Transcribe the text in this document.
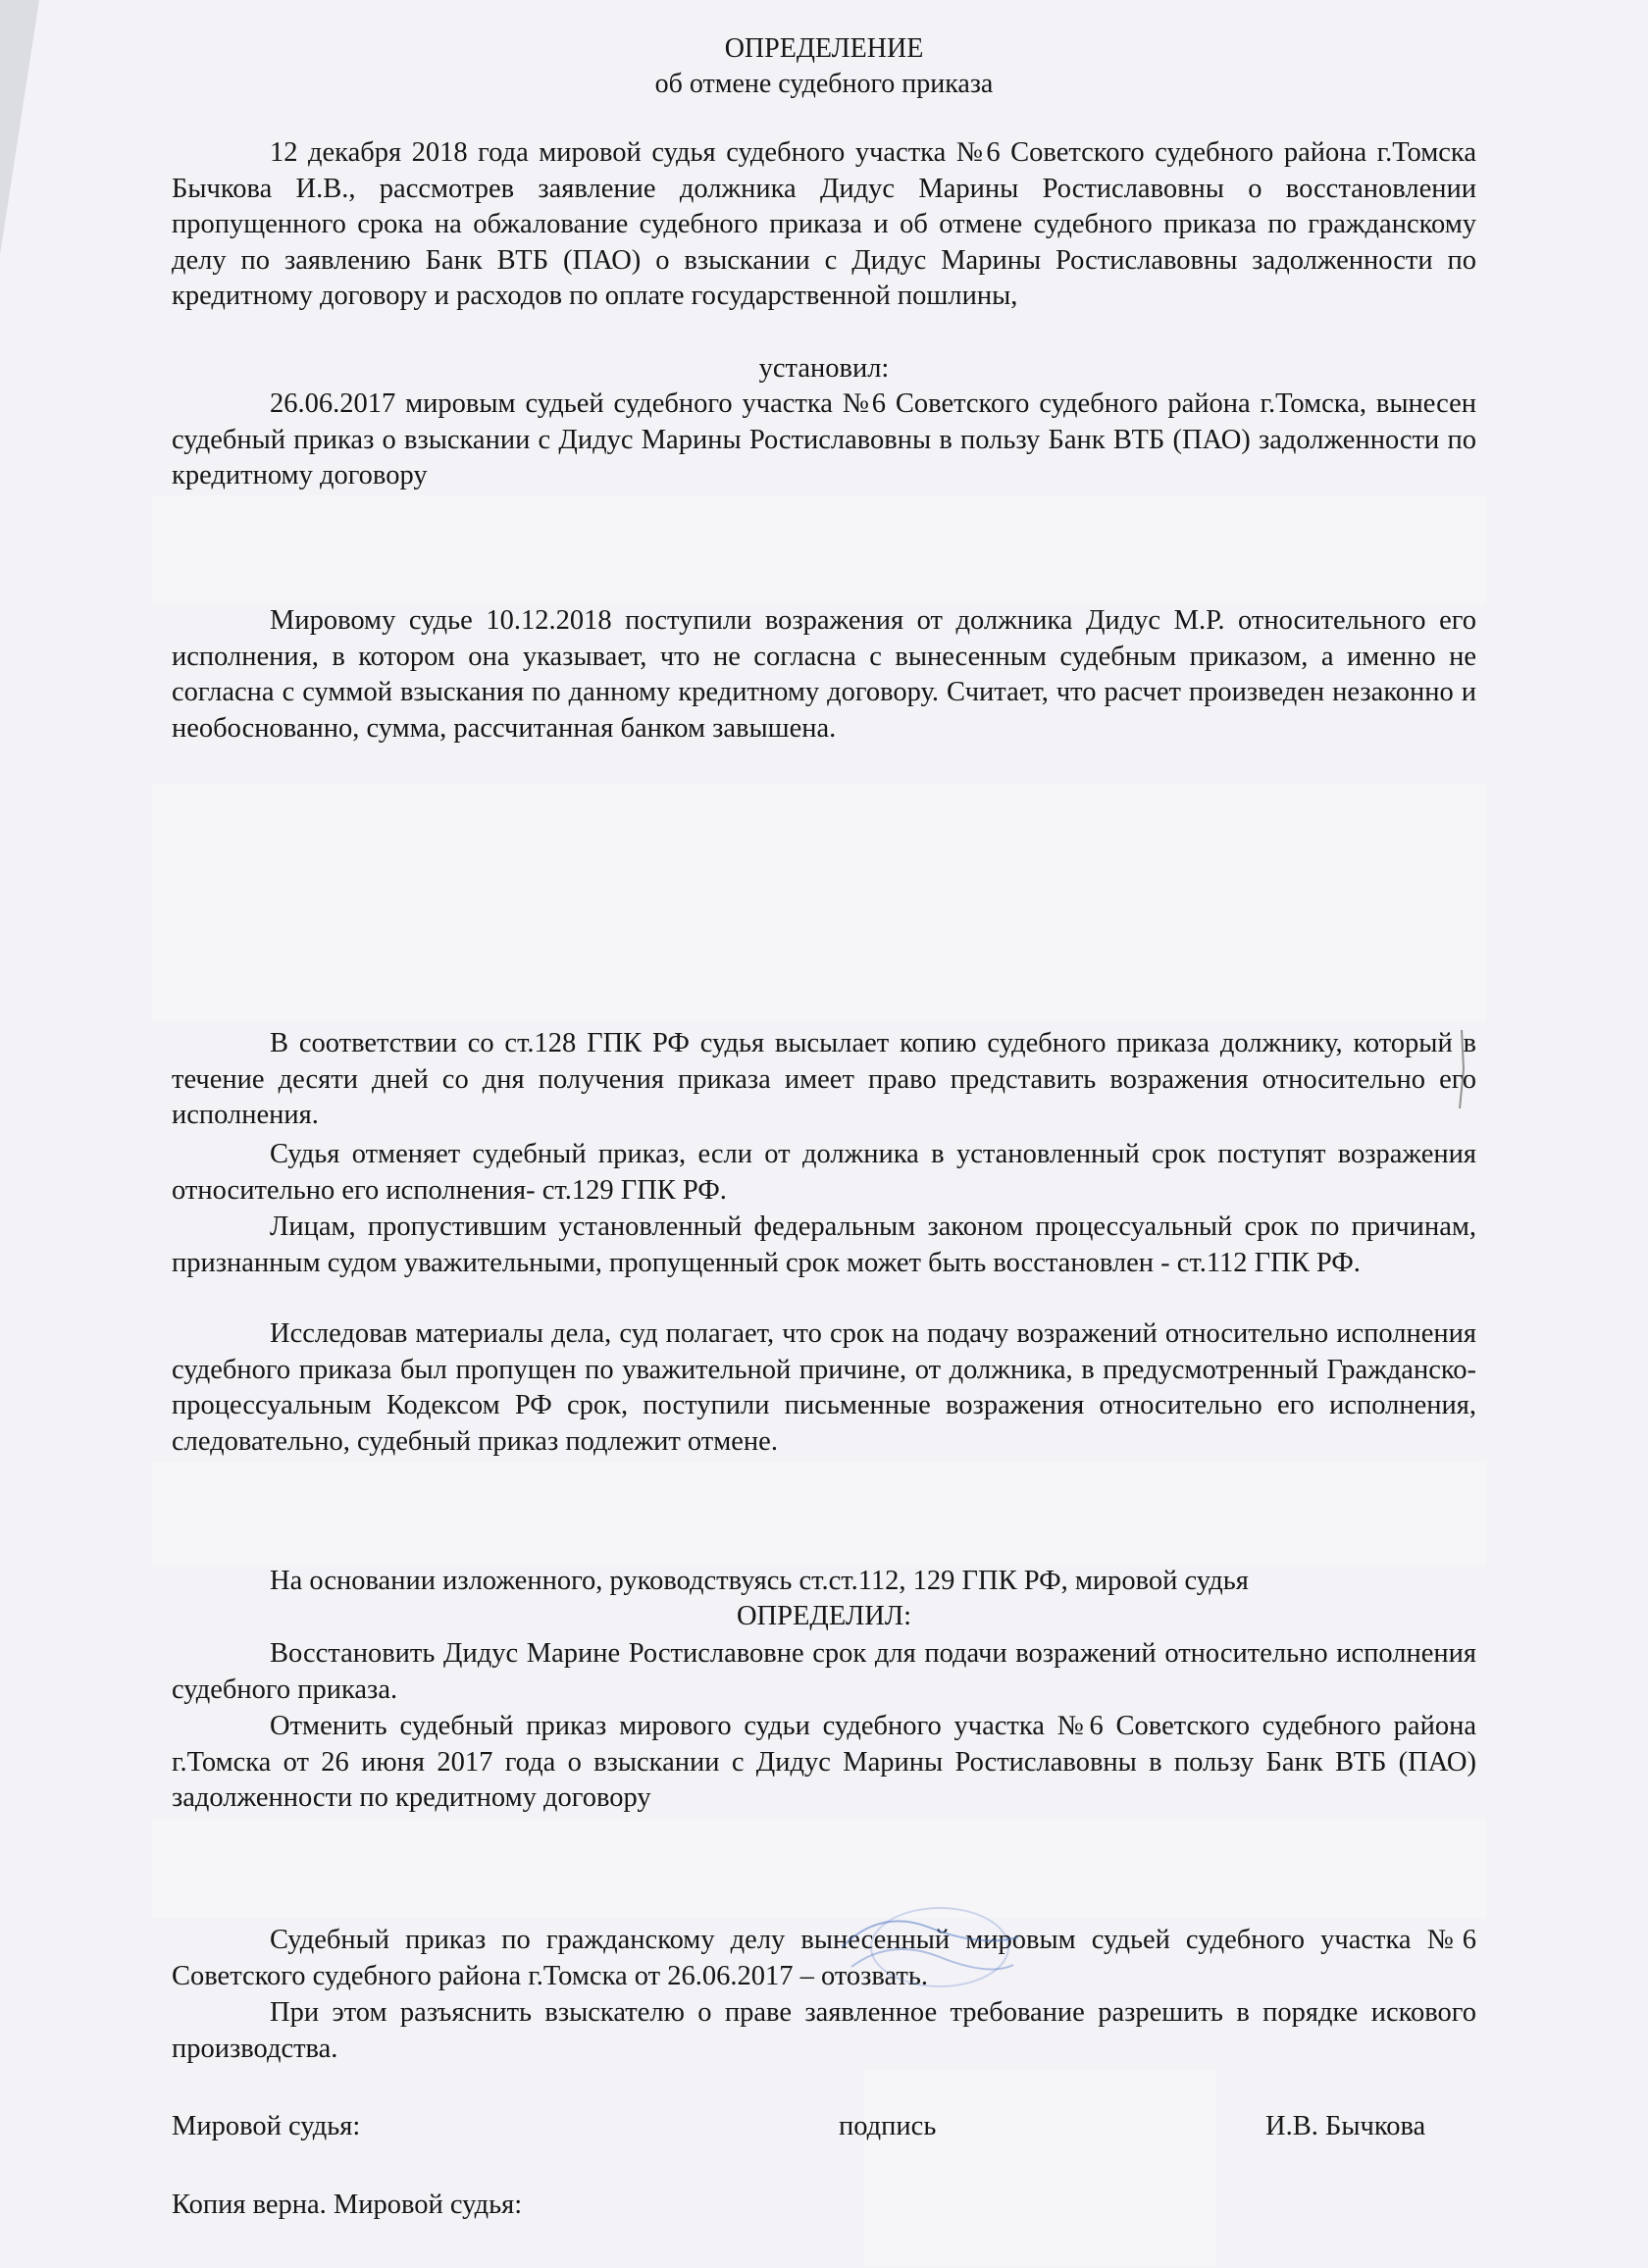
ОПРЕДЕЛЕНИЕ
об отмене судебного приказа
12 декабря 2018 года мировой судья судебного участка №6 Советского судебного района г.Томска Бычкова И.В., рассмотрев заявление должника Дидус Марины Ростиславовны о восстановлении пропущенного срока на обжалование судебного приказа и об отмене судебного приказа по гражданскому делу по заявлению Банк ВТБ (ПАО) о взыскании с Дидус Марины Ростиславовны задолженности по кредитному договору и расходов по оплате государственной пошлины,
установил:
26.06.2017 мировым судьей судебного участка №6 Советского судебного района г.Томска, вынесен судебный приказ о взыскании с Дидус Марины Ростиславовны в пользу Банк ВТБ (ПАО) задолженности по кредитному договору
Мировому судье 10.12.2018 поступили возражения от должника Дидус М.Р. относительного его исполнения, в котором она указывает, что не согласна с вынесенным судебным приказом, а именно не согласна с суммой взыскания по данному кредитному договору. Считает, что расчет произведен незаконно и необоснованно, сумма, рассчитанная банком завышена.
В соответствии со ст.128 ГПК РФ судья высылает копию судебного приказа должнику, который в течение десяти дней со дня получения приказа имеет право представить возражения относительно его исполнения.
Судья отменяет судебный приказ, если от должника в установленный срок поступят возражения относительно его исполнения- ст.129 ГПК РФ.
Лицам, пропустившим установленный федеральным законом процессуальный срок по причинам, признанным судом уважительными, пропущенный срок может быть восстановлен - ст.112 ГПК РФ.
Исследовав материалы дела, суд полагает, что срок на подачу возражений относительно исполнения судебного приказа был пропущен по уважительной причине, от должника, в предусмотренный Гражданско-процессуальным Кодексом РФ срок, поступили письменные возражения относительно его исполнения, следовательно, судебный приказ подлежит отмене.
На основании изложенного, руководствуясь ст.ст.112, 129 ГПК РФ, мировой судья
ОПРЕДЕЛИЛ:
Восстановить Дидус Марине Ростиславовне срок для подачи возражений относительно исполнения судебного приказа.
Отменить судебный приказ мирового судьи судебного участка №6 Советского судебного района г.Томска от 26 июня 2017 года о взыскании с Дидус Марины Ростиславовны в пользу Банк ВТБ (ПАО) задолженности по кредитному договору
Судебный приказ по гражданскому делу вынесенный мировым судьей судебного участка №6 Советского судебного района г.Томска от 26.06.2017 – отозвать.
При этом разъяснить взыскателю о праве заявленное требование разрешить в порядке искового производства.
Мировой судья:	подпись	И.В. Бычкова
Копия верна. Мировой судья:
